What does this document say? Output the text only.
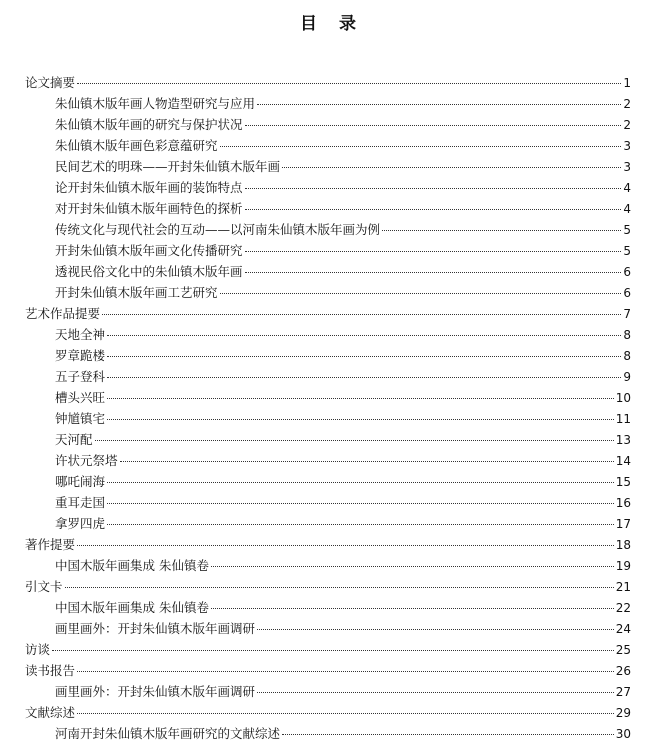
目 录
论文摘要	1
朱仙镇木版年画人物造型研究与应用	2
朱仙镇木版年画的研究与保护状况	2
朱仙镇木版年画色彩意蕴研究	3
民间艺术的明珠——开封朱仙镇木版年画	3
论开封朱仙镇木版年画的装饰特点	4
对开封朱仙镇木版年画特色的探析	4
传统文化与现代社会的互动——以河南朱仙镇木版年画为例	5
开封朱仙镇木版年画文化传播研究	5
透视民俗文化中的朱仙镇木版年画	6
开封朱仙镇木版年画工艺研究	6
艺术作品提要	7
天地全神	8
罗章跪楼	8
五子登科	9
槽头兴旺	10
钟馗镇宅	11
天河配	13
许状元祭塔	14
哪吒闹海	15
重耳走国	16
拿罗四虎	17
著作提要	18
中国木版年画集成 朱仙镇卷	19
引文卡	21
中国木版年画集成 朱仙镇卷	22
画里画外：开封朱仙镇木版年画调研	24
访谈	25
读书报告	26
画里画外：开封朱仙镇木版年画调研	27
文献综述	29
河南开封朱仙镇木版年画研究的文献综述	30
